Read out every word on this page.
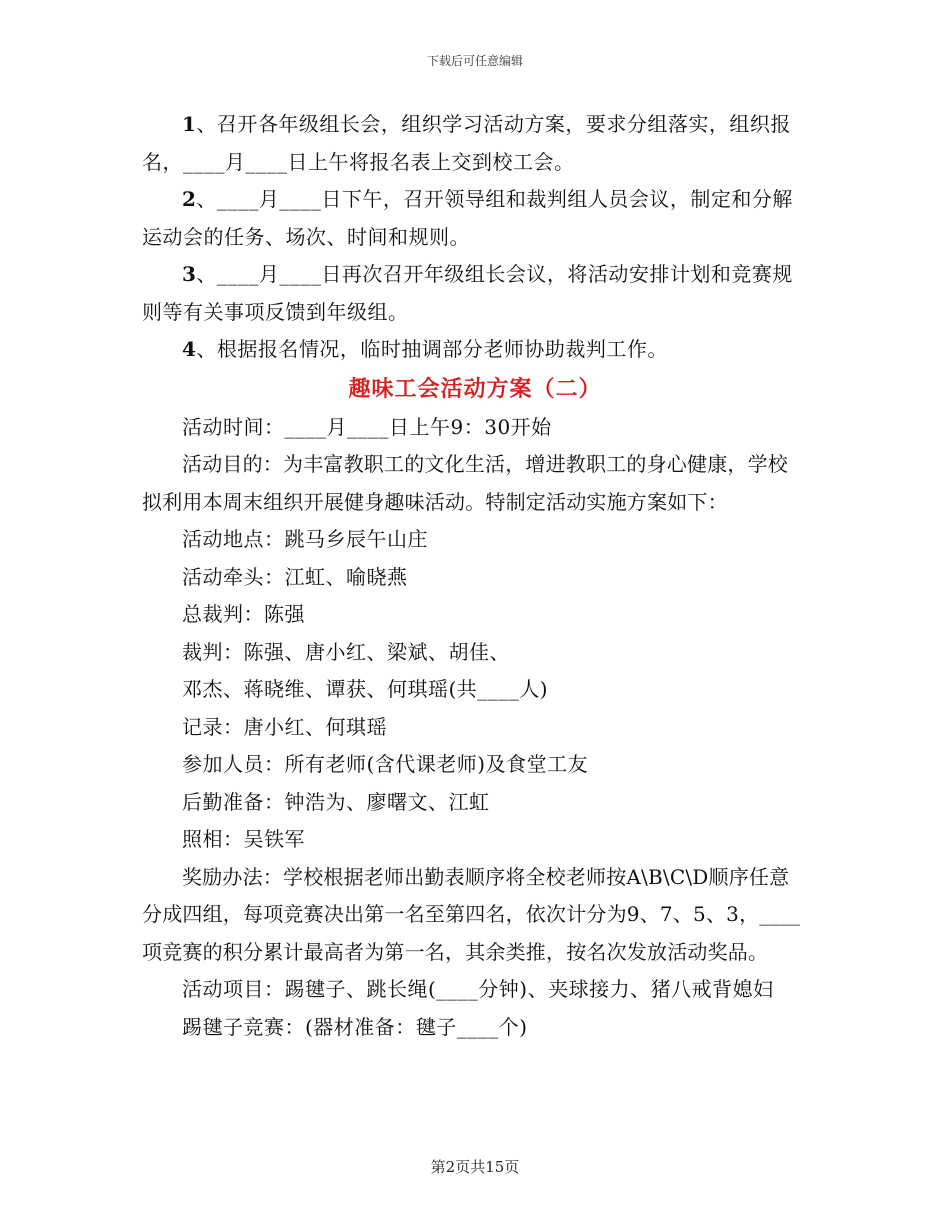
下载后可任意编辑

1、召开各年级组长会，组织学习活动方案，要求分组落实，组织报名，____月____日上午将报名表上交到校工会。

2、____月____日下午，召开领导组和裁判组人员会议，制定和分解运动会的任务、场次、时间和规则。

3、____月____日再次召开年级组长会议，将活动安排计划和竞赛规则等有关事项反馈到年级组。

4、根据报名情况，临时抽调部分老师协助裁判工作。

趣味工会活动方案（二）

活动时间：____月____日上午9：30开始

活动目的：为丰富教职工的文化生活，增进教职工的身心健康，学校拟利用本周末组织开展健身趣味活动。特制定活动实施方案如下：

活动地点：跳马乡辰午山庄

活动牵头：江虹、喻晓燕

总裁判：陈强

裁判：陈强、唐小红、梁斌、胡佳、

邓杰、蒋晓维、谭获、何琪瑶(共____人)

记录：唐小红、何琪瑶

参加人员：所有老师(含代课老师)及食堂工友

后勤准备：钟浩为、廖曙文、江虹

照相：吴铁军

奖励办法：学校根据老师出勤表顺序将全校老师按A\B\C\D顺序任意分成四组，每项竞赛决出第一名至第四名，依次计分为9、7、5、3，____项竞赛的积分累计最高者为第一名，其余类推，按名次发放活动奖品。

活动项目：踢毽子、跳长绳(____分钟)、夹球接力、猪八戒背媳妇

踢毽子竞赛：(器材准备：毽子____个)

第2页共15页
